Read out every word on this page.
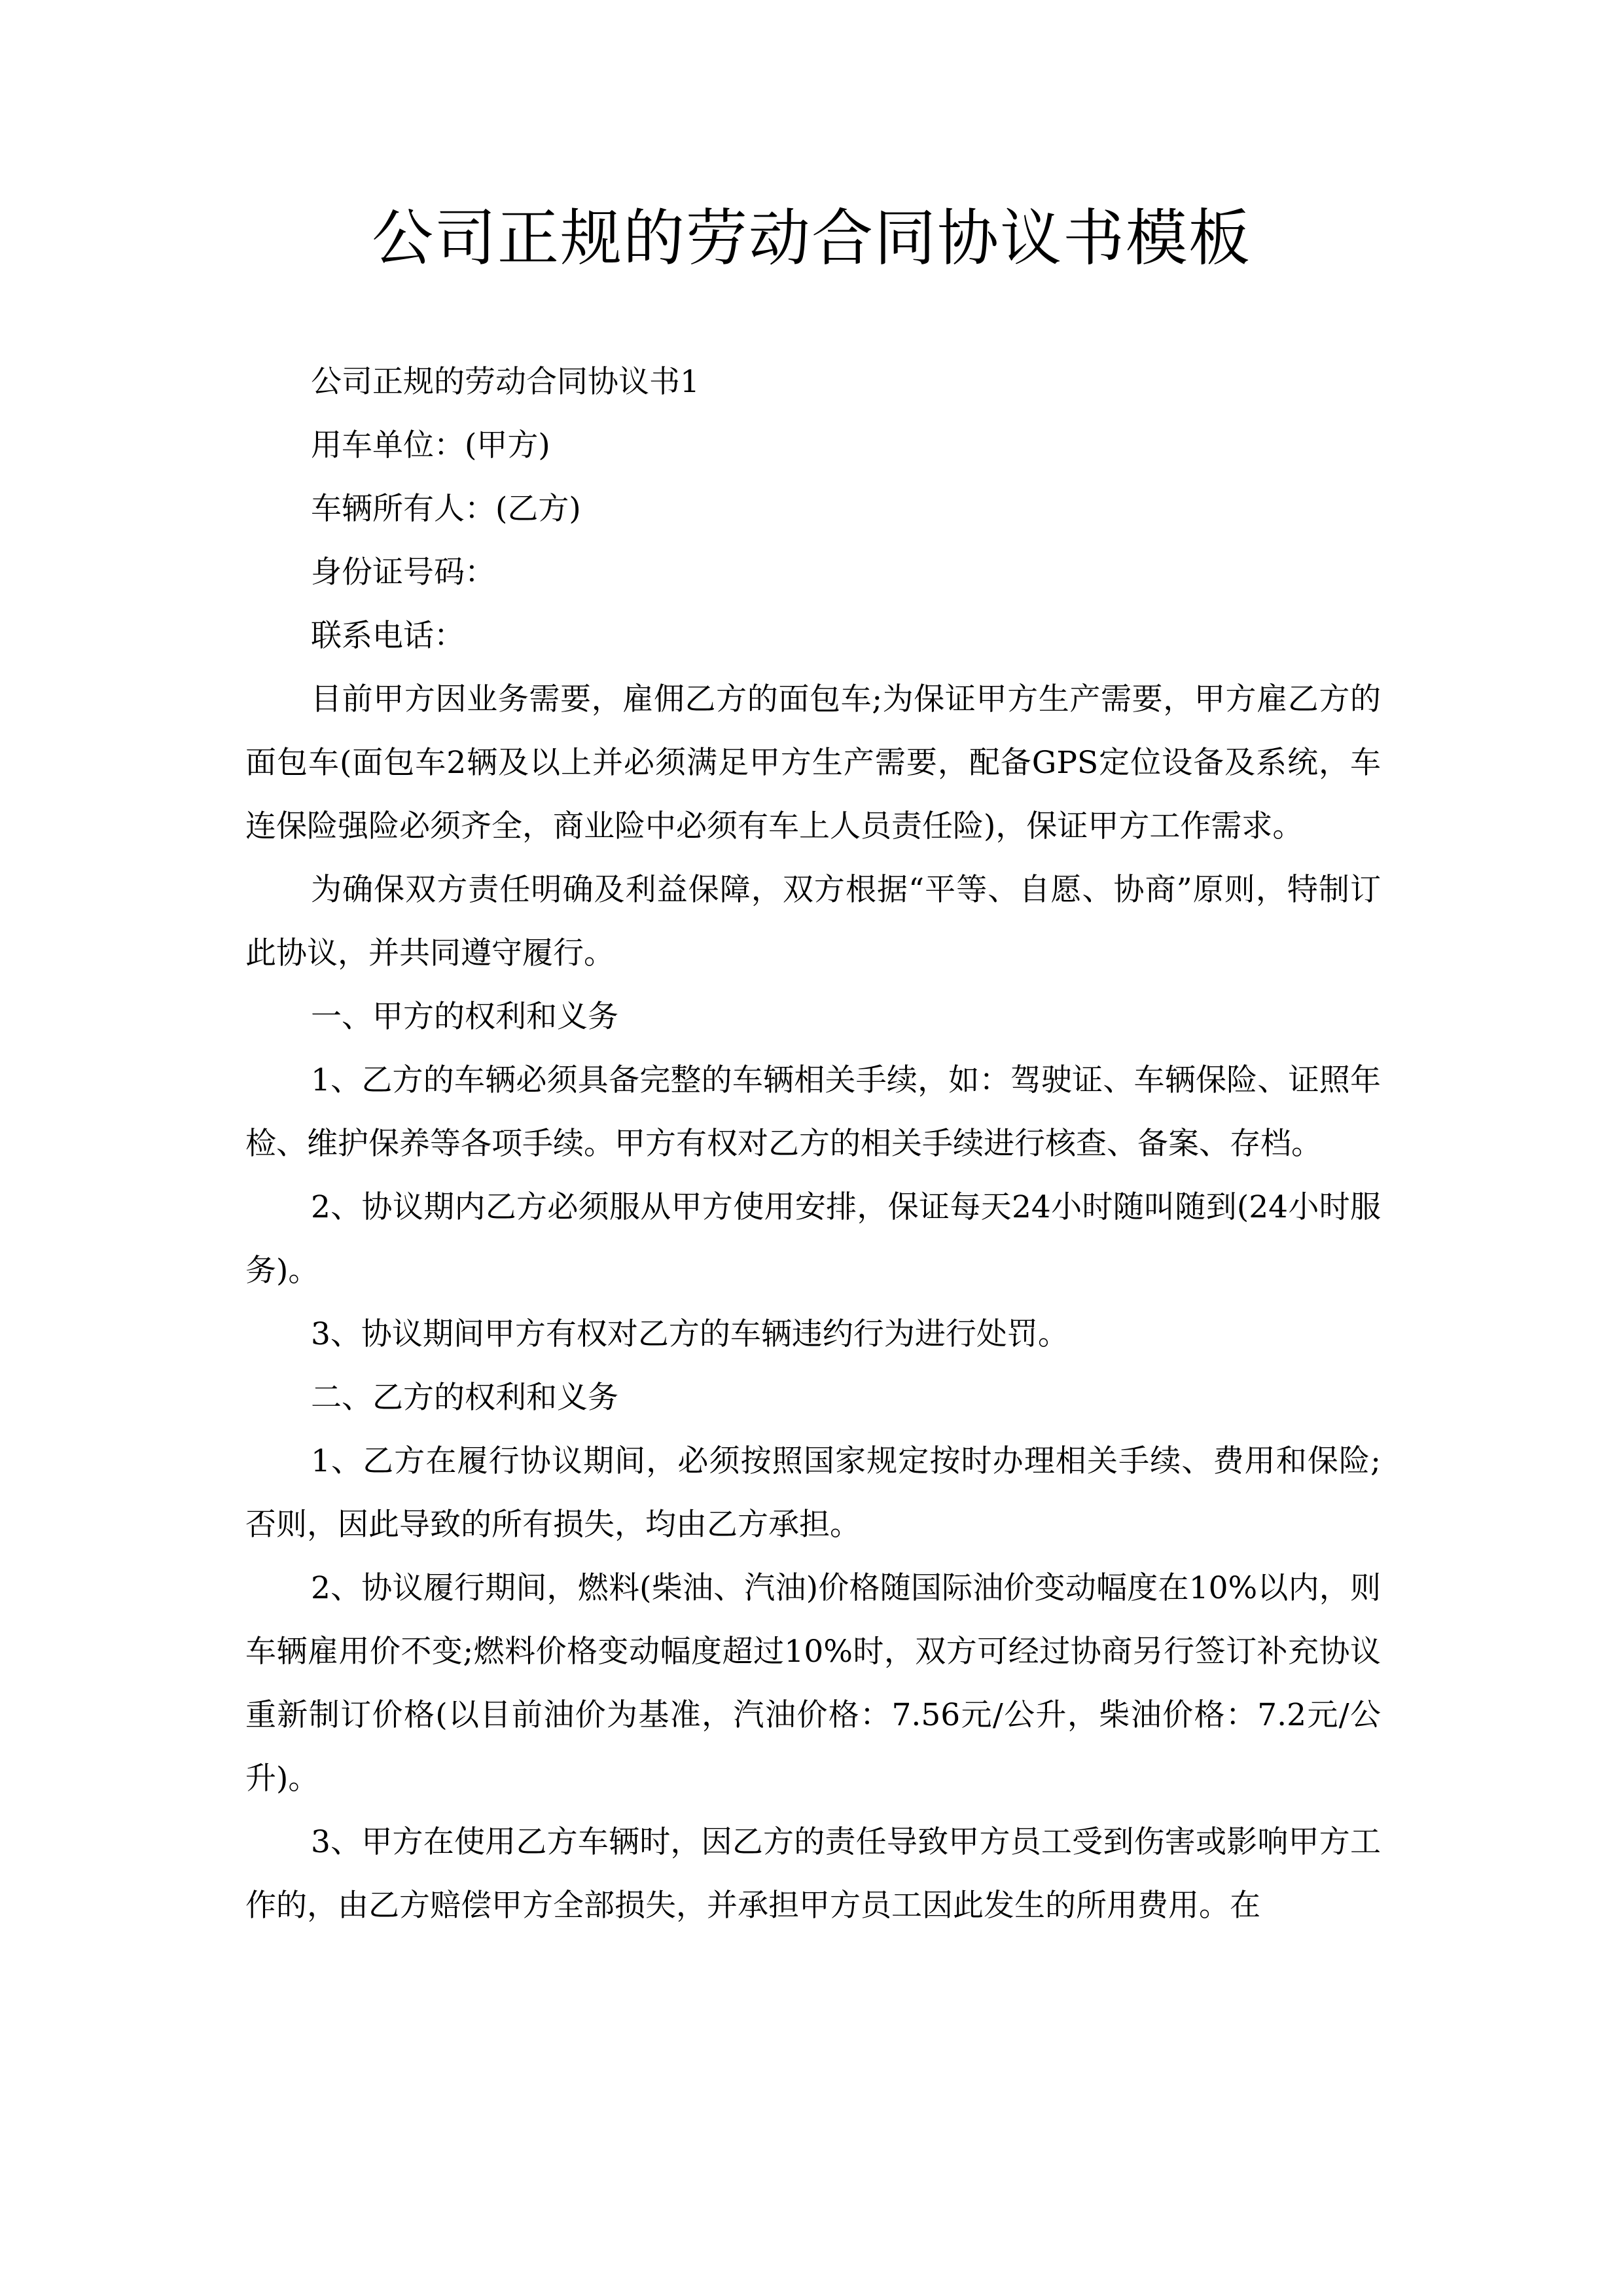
公司正规的劳动合同协议书模板

公司正规的劳动合同协议书1

用车单位：(甲方)

车辆所有人：(乙方)

身份证号码：

联系电话：

目前甲方因业务需要，雇佣乙方的面包车;为保证甲方生产需要，甲方雇乙方的面包车(面包车2辆及以上并必须满足甲方生产需要，配备GPS定位设备及系统，车连保险强险必须齐全，商业险中必须有车上人员责任险)，保证甲方工作需求。

为确保双方责任明确及利益保障，双方根据“平等、自愿、协商”原则，特制订此协议，并共同遵守履行。

一、甲方的权利和义务

1、乙方的车辆必须具备完整的车辆相关手续，如：驾驶证、车辆保险、证照年检、维护保养等各项手续。甲方有权对乙方的相关手续进行核查、备案、存档。

2、协议期内乙方必须服从甲方使用安排，保证每天24小时随叫随到(24小时服务)。

3、协议期间甲方有权对乙方的车辆违约行为进行处罚。

二、乙方的权利和义务

1、乙方在履行协议期间，必须按照国家规定按时办理相关手续、费用和保险;否则，因此导致的所有损失，均由乙方承担。

2、协议履行期间，燃料(柴油、汽油)价格随国际油价变动幅度在10%以内，则车辆雇用价不变;燃料价格变动幅度超过10%时，双方可经过协商另行签订补充协议重新制订价格(以目前油价为基准，汽油价格：7.56元/公升，柴油价格：7.2元/公升)。

3、甲方在使用乙方车辆时，因乙方的责任导致甲方员工受到伤害或影响甲方工作的，由乙方赔偿甲方全部损失，并承担甲方员工因此发生的所用费用。在
